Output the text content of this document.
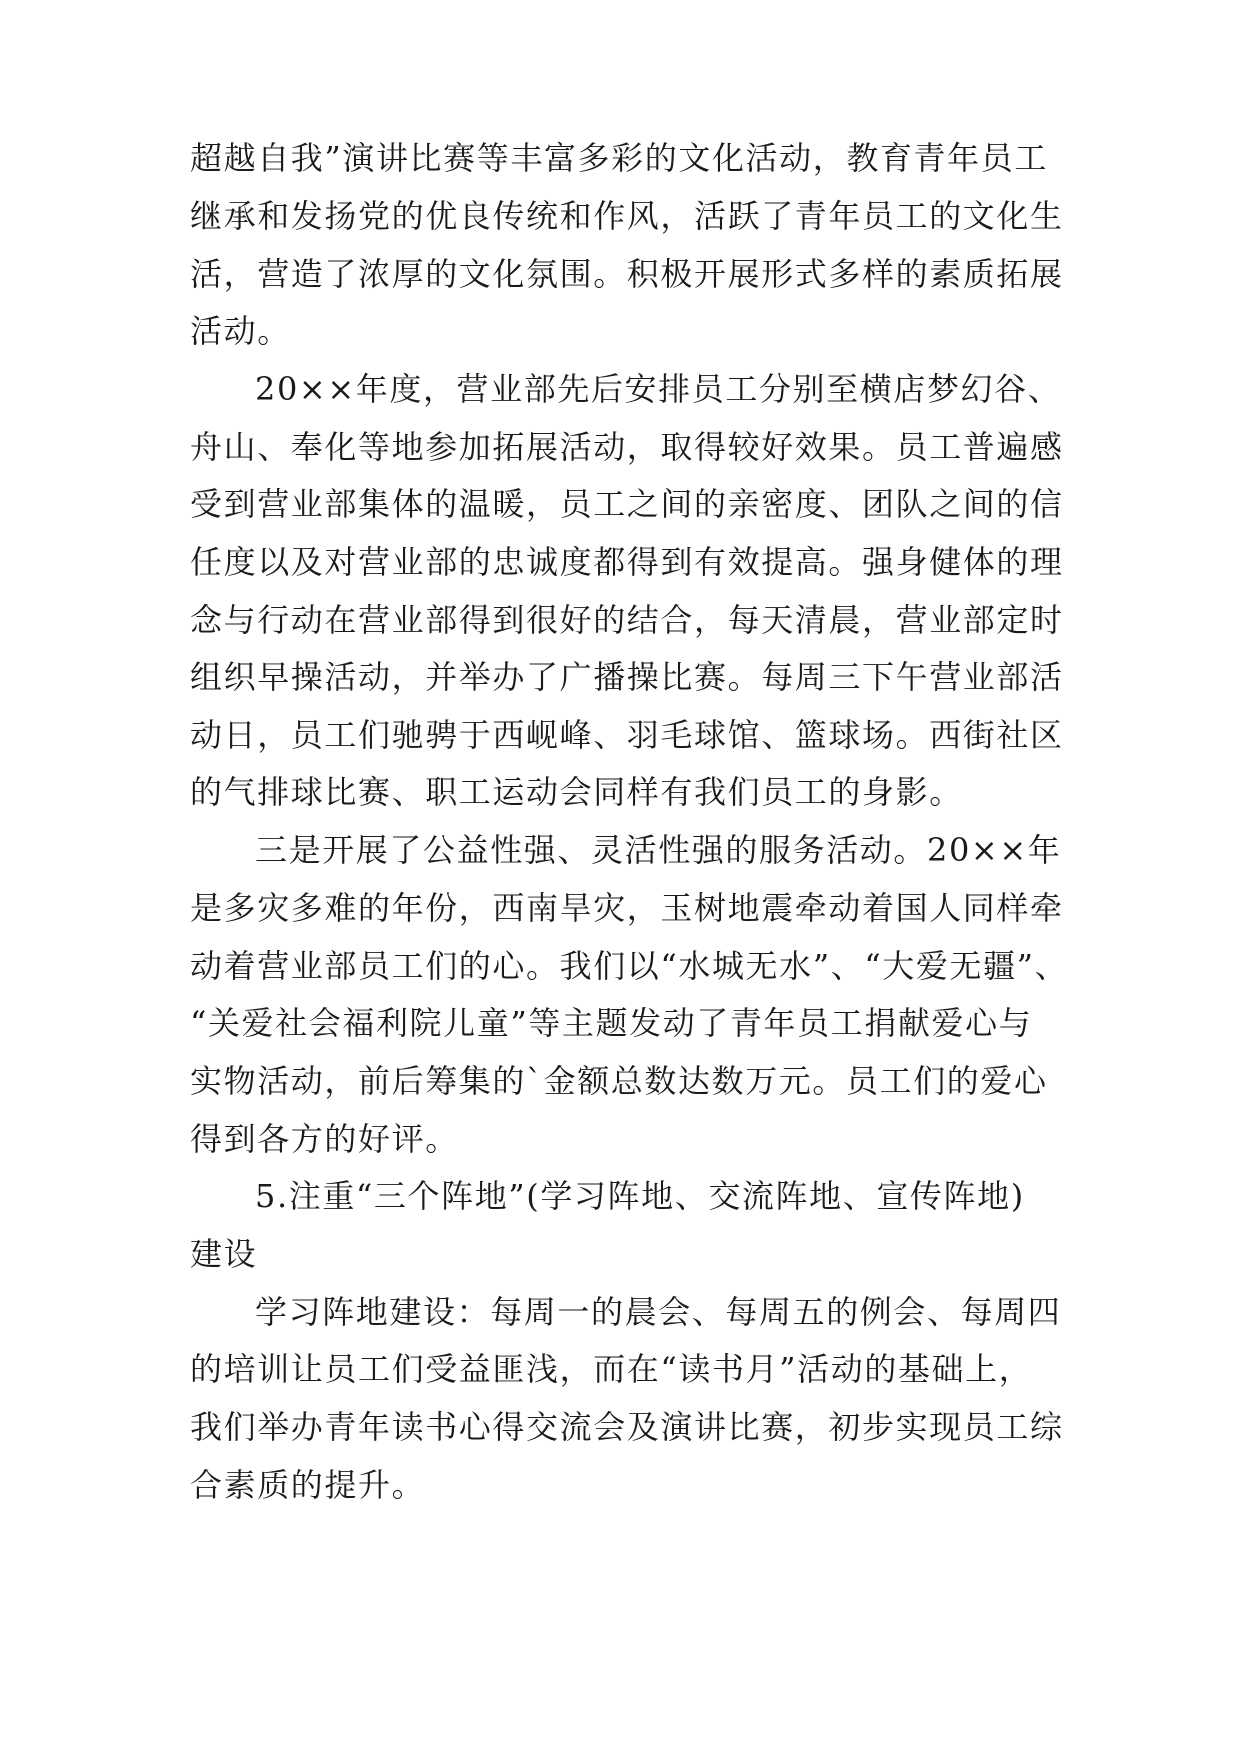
超越自我”演讲比赛等丰富多彩的文化活动，教育青年员工
继承和发扬党的优良传统和作风，活跃了青年员工的文化生
活，营造了浓厚的文化氛围。积极开展形式多样的素质拓展
活动。
20××年度，营业部先后安排员工分别至横店梦幻谷、
舟山、奉化等地参加拓展活动，取得较好效果。员工普遍感
受到营业部集体的温暖，员工之间的亲密度、团队之间的信
任度以及对营业部的忠诚度都得到有效提高。强身健体的理
念与行动在营业部得到很好的结合，每天清晨，营业部定时
组织早操活动，并举办了广播操比赛。每周三下午营业部活
动日，员工们驰骋于西岘峰、羽毛球馆、篮球场。西街社区
的气排球比赛、职工运动会同样有我们员工的身影。
三是开展了公益性强、灵活性强的服务活动。20××年
是多灾多难的年份，西南旱灾，玉树地震牵动着国人同样牵
动着营业部员工们的心。我们以“水城无水”、“大爱无疆”、
“关爱社会福利院儿童”等主题发动了青年员工捐献爱心与
实物活动，前后筹集的`金额总数达数万元。员工们的爱心
得到各方的好评。
5.注重“三个阵地”(学习阵地、交流阵地、宣传阵地)
建设
学习阵地建设：每周一的晨会、每周五的例会、每周四
的培训让员工们受益匪浅，而在“读书月”活动的基础上，
我们举办青年读书心得交流会及演讲比赛，初步实现员工综
合素质的提升。
